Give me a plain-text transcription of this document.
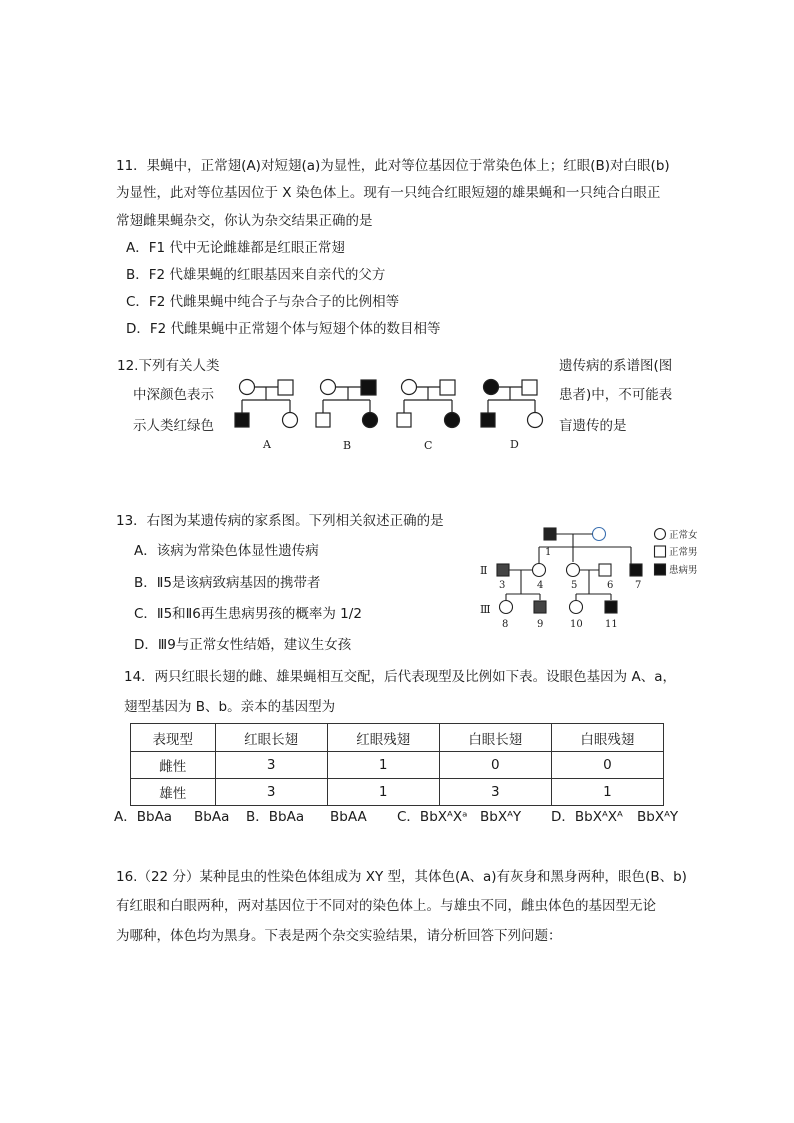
11．果蝇中，正常翅(A)对短翅(a)为显性，此对等位基因位于常染色体上；红眼(B)对白眼(b)
为显性，此对等位基因位于 X 染色体上。现有一只纯合红眼短翅的雄果蝇和一只纯合白眼正
常翅雌果蝇杂交，你认为杂交结果正确的是
A．F1 代中无论雌雄都是红眼正常翅
B．F2 代雄果蝇的红眼基因来自亲代的父方
C．F2 代雌果蝇中纯合子与杂合子的比例相等
D．F2 代雌果蝇中正常翅个体与短翅个体的数目相等
12.下列有关人类
中深颜色表示
示人类红绿色
遗传病的系谱图(图
患者)中，不可能表
盲遗传的是
A	B	C	D
13．右图为某遗传病的家系图。下列相关叙述正确的是
A．该病为常染色体显性遗传病
B．Ⅱ5是该病致病基因的携带者
C．Ⅱ5和Ⅱ6再生患病男孩的概率为 1/2
D．Ⅲ9与正常女性结婚，建议生女孩
1
3	4	5	6 7
8	9	10 11
Ⅱ
Ⅲ
正常女
正常男
患病男
14．两只红眼长翅的雌、雄果蝇相互交配，后代表现型及比例如下表。设眼色基因为 A、a，
翅型基因为 B、b。亲本的基因型为
表现型	红眼长翅	红眼残翅	白眼长翅	白眼残翅
雌性	3	1	0	0
雄性	3	1	3	1
A．BbAa BbAa B．BbAa BbAA C．BbXᴬXᵃ BbXᴬY D．BbXᴬXᴬ BbXᴬY
16.（22 分）某种昆虫的性染色体组成为 XY 型，其体色(A、a)有灰身和黑身两种，眼色(B、b)
有红眼和白眼两种，两对基因位于不同对的染色体上。与雄虫不同，雌虫体色的基因型无论
为哪种，体色均为黑身。下表是两个杂交实验结果，请分析回答下列问题：
